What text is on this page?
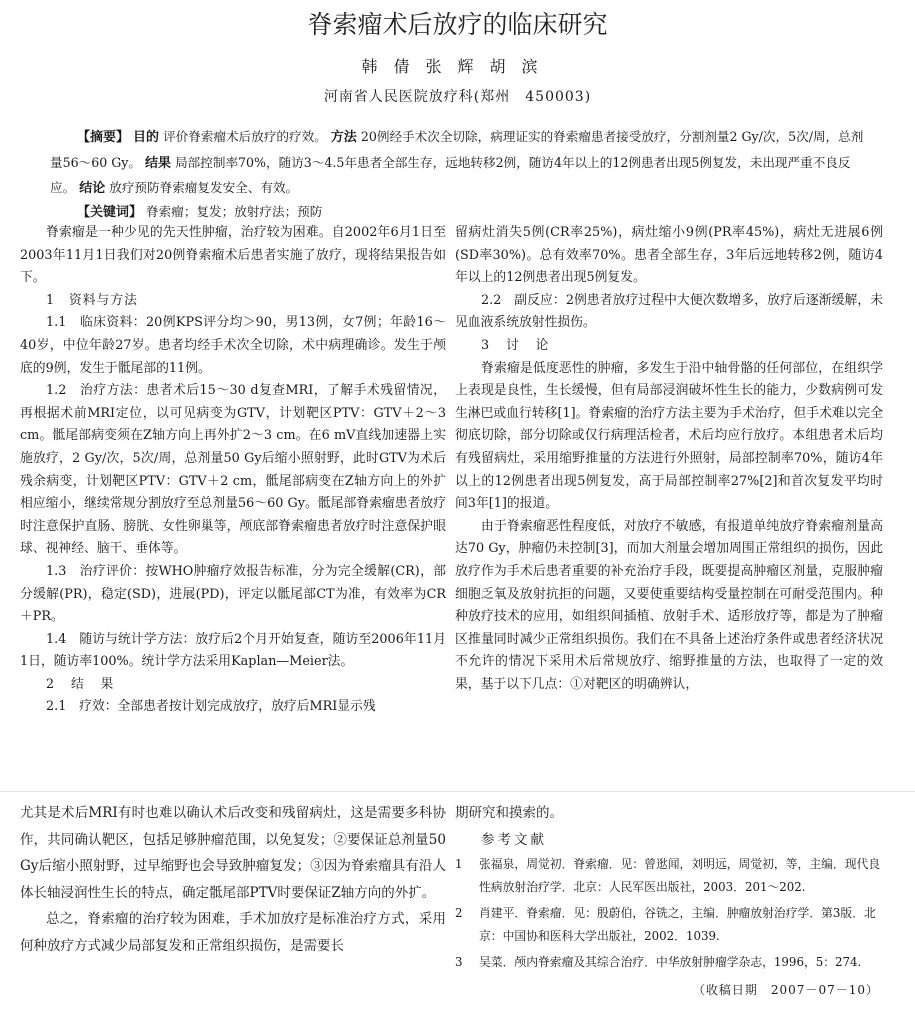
脊索瘤术后放疗的临床研究
韩倩张辉胡滨
河南省人民医院放疗科(郑州　450003)

【摘要】 目的 评价脊索瘤术后放疗的疗效。 方法 20例经手术次全切除，病理证实的脊索瘤患者接受放疗，分割剂量2 Gy/次，5次/周，总剂量56～60 Gy。 结果 局部控制率70%，随访3～4.5年患者全部生存，远地转移2例，随访4年以上的12例患者出现5例复发，未出现严重不良反应。 结论 放疗预防脊索瘤复发安全、有效。

【关键词】 脊索瘤；复发；放射疗法；预防

脊索瘤是一种少见的先天性肿瘤，治疗较为困难。自2002年6月1日至2003年11月1日我们对20例脊索瘤术后患者实施了放疗，现将结果报告如下。

1　资料与方法

1.1　临床资料：20例KPS评分均＞90，男13例，女7例；年龄16～40岁，中位年龄27岁。患者均经手术次全切除，术中病理确诊。发生于颅底的9例，发生于骶尾部的11例。

1.2　治疗方法：患者术后15～30 d复查MRI，了解手术残留情况，再根据术前MRI定位，以可见病变为GTV，计划靶区PTV：GTV＋2～3 cm。骶尾部病变须在Z轴方向上再外扩2～3 cm。在6 mV直线加速器上实施放疗，2 Gy/次，5次/周，总剂量50 Gy后缩小照射野，此时GTV为术后残余病变，计划靶区PTV：GTV＋2 cm，骶尾部病变在Z轴方向上的外扩相应缩小，继续常规分割放疗至总剂量56～60 Gy。骶尾部脊索瘤患者放疗时注意保护直肠、膀胱、女性卵巢等，颅底部脊索瘤患者放疗时注意保护眼球、视神经、脑干、垂体等。

1.3　治疗评价：按WHO肿瘤疗效报告标准，分为完全缓解(CR)，部分缓解(PR)，稳定(SD)，进展(PD)，评定以骶尾部CT为准，有效率为CR＋PR。

1.4　随访与统计学方法：放疗后2个月开始复查，随访至2006年11月1日，随访率100%。统计学方法采用Kaplan—Meier法。

2　结　果

2.1　疗效：全部患者按计划完成放疗，放疗后MRI显示残

留病灶消失5例(CR率25%)，病灶缩小9例(PR率45%)，病灶无进展6例(SD率30%)。总有效率70%。患者全部生存，3年后远地转移2例，随访4年以上的12例患者出现5例复发。

2.2　副反应：2例患者放疗过程中大便次数增多，放疗后逐渐缓解，未见血液系统放射性损伤。

3　讨　论

脊索瘤是低度恶性的肿瘤，多发生于沿中轴骨骼的任何部位，在组织学上表现是良性，生长缓慢，但有局部浸润破坏性生长的能力，少数病例可发生淋巴或血行转移[1]。脊索瘤的治疗方法主要为手术治疗，但手术难以完全彻底切除，部分切除或仅行病理活检者，术后均应行放疗。本组患者术后均有残留病灶，采用缩野推量的方法进行外照射，局部控制率70%，随访4年以上的12例患者出现5例复发，高于局部控制率27%[2]和首次复发平均时间3年[1]的报道。

由于脊索瘤恶性程度低，对放疗不敏感，有报道单纯放疗脊索瘤剂量高达70 Gy，肿瘤仍未控制[3]，而加大剂量会增加周围正常组织的损伤，因此放疗作为手术后患者重要的补充治疗手段，既要提高肿瘤区剂量，克服肿瘤细胞乏氧及放射抗拒的问题，又要使重要结构受量控制在可耐受范围内。种种放疗技术的应用，如组织间插植、放射手术、适形放疗等，都是为了肿瘤区推量同时减少正常组织损伤。我们在不具备上述治疗条件或患者经济状况不允许的情况下采用术后常规放疗、缩野推量的方法，也取得了一定的效果，基于以下几点：①对靶区的明确辨认，

尤其是术后MRI有时也难以确认术后改变和残留病灶，这是需要多科协作，共同确认靶区，包括足够肿瘤范围，以免复发；②要保证总剂量50 Gy后缩小照射野，过早缩野也会导致肿瘤复发；③因为脊索瘤具有沿人体长轴浸润性生长的特点，确定骶尾部PTV时要保证Z轴方向的外扩。

总之，脊索瘤的治疗较为困难，手术加放疗是标准治疗方式，采用何种放疗方式减少局部复发和正常组织损伤，是需要长

期研究和摸索的。

参考文献

1 张福泉，周觉初．脊索瘤．见：曾逖闻，刘明远，周觉初，等，主编．现代良性病放射治疗学．北京：人民军医出版社，2003．201～202.
2 肖建平．脊索瘤．见：殷蔚伯，谷铣之，主编．肿瘤放射治疗学．第3版．北京：中国协和医科大学出版社，2002．1039.
3 吴菜．颅内脊索瘤及其综合治疗．中华放射肿瘤学杂志，1996，5：274.
（收稿日期　2007－07－10）
